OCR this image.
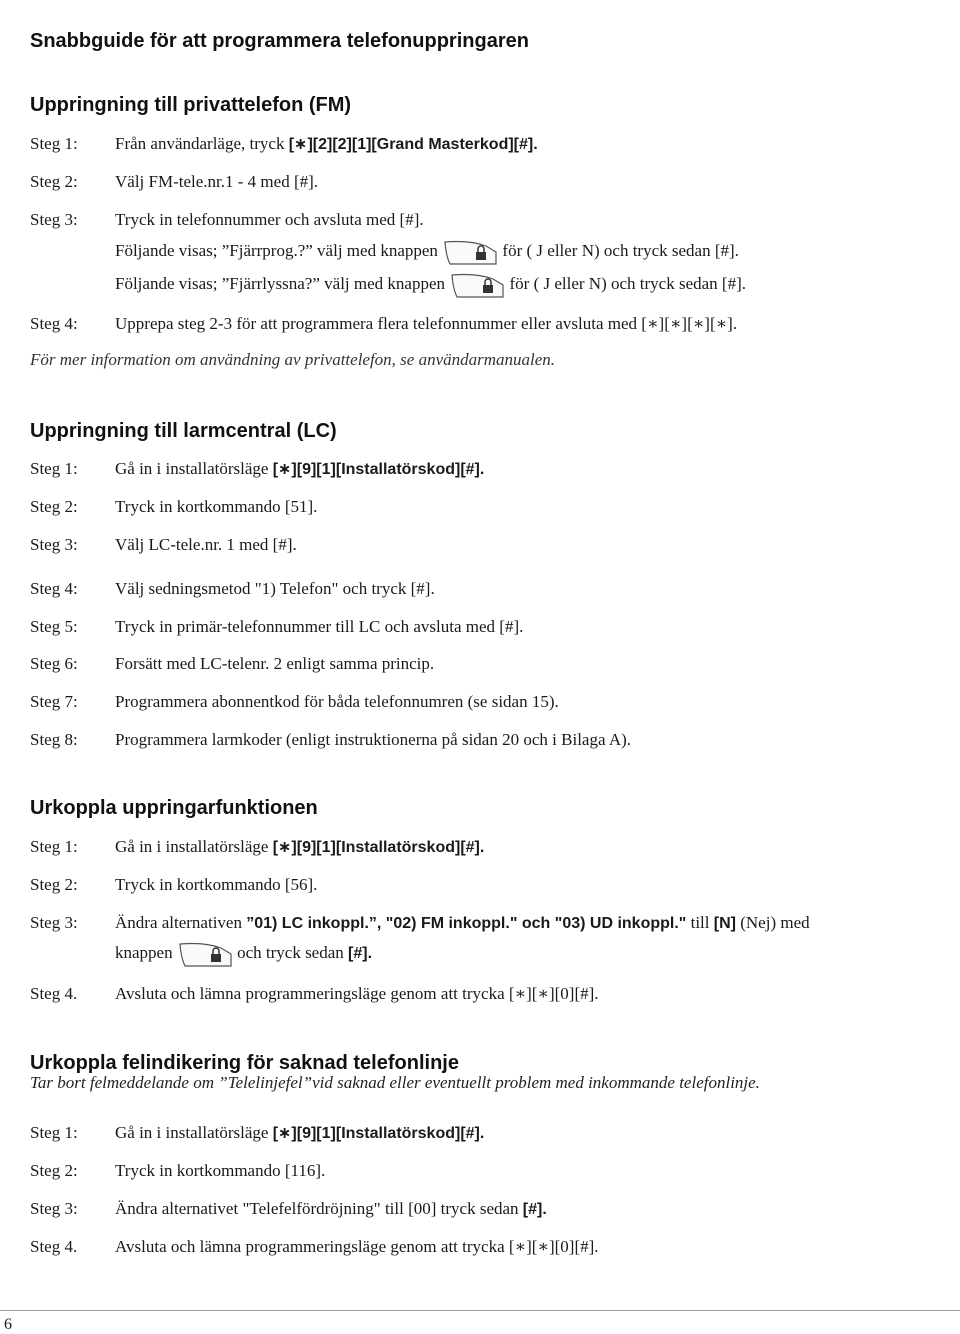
Snabbguide för att programmera telefonuppringaren
Uppringning till privattelefon (FM)
Steg 1:	Från användarläge, tryck [∗][2][2][1][Grand Masterkod][#].
Steg 2:	Välj FM-tele.nr.1 - 4 med [#].
Steg 3:	Tryck in telefonnummer och avsluta med [#].
Följande visas; ”Fjärrprog.?” välj med knappen	för ( J eller N) och tryck sedan [#].
Följande visas; ”Fjärrlyssna?” välj med knappen	för ( J eller N) och tryck sedan [#].
Steg 4:	Upprepa steg 2-3 för att programmera flera telefonnummer eller avsluta med [∗][∗][∗][∗].
För mer information om användning av privattelefon, se användarmanualen.
Uppringning till larmcentral (LC)
Steg 1:	Gå in i installatörsläge [∗][9][1][Installatörskod][#].
Steg 2:	Tryck in kortkommando [51].
Steg 3:	Välj LC-tele.nr. 1 med [#].
Steg 4:	Välj sedningsmetod "1) Telefon" och tryck [#].
Steg 5:	Tryck in primär-telefonnummer till LC och avsluta med [#].
Steg 6:	Forsätt med LC-telenr. 2 enligt samma princip.
Steg 7:	Programmera abonnentkod för båda telefonnumren (se sidan 15).
Steg 8:	Programmera larmkoder (enligt instruktionerna på sidan 20 och i Bilaga A).
Urkoppla uppringarfunktionen
Steg 1:	Gå in i installatörsläge [∗][9][1][Installatörskod][#].
Steg 2:	Tryck in kortkommando [56].
Steg 3:	Ändra alternativen ”01) LC inkoppl.”, "02) FM inkoppl." och "03) UD inkoppl." till [N] (Nej) med
knappen	och tryck sedan [#].
Steg 4.	Avsluta och lämna programmeringsläge genom att trycka [∗][∗][0][#].
Urkoppla felindikering för saknad telefonlinje
Tar bort felmeddelande om ”Telelinjefel”vid saknad eller eventuellt problem med inkommande telefonlinje.
Steg 1:	Gå in i installatörsläge [∗][9][1][Installatörskod][#].
Steg 2:	Tryck in kortkommando [116].
Steg 3:	Ändra alternativet "Telefelfördröjning" till [00] tryck sedan [#].
Steg 4.	Avsluta och lämna programmeringsläge genom att trycka [∗][∗][0][#].
6
